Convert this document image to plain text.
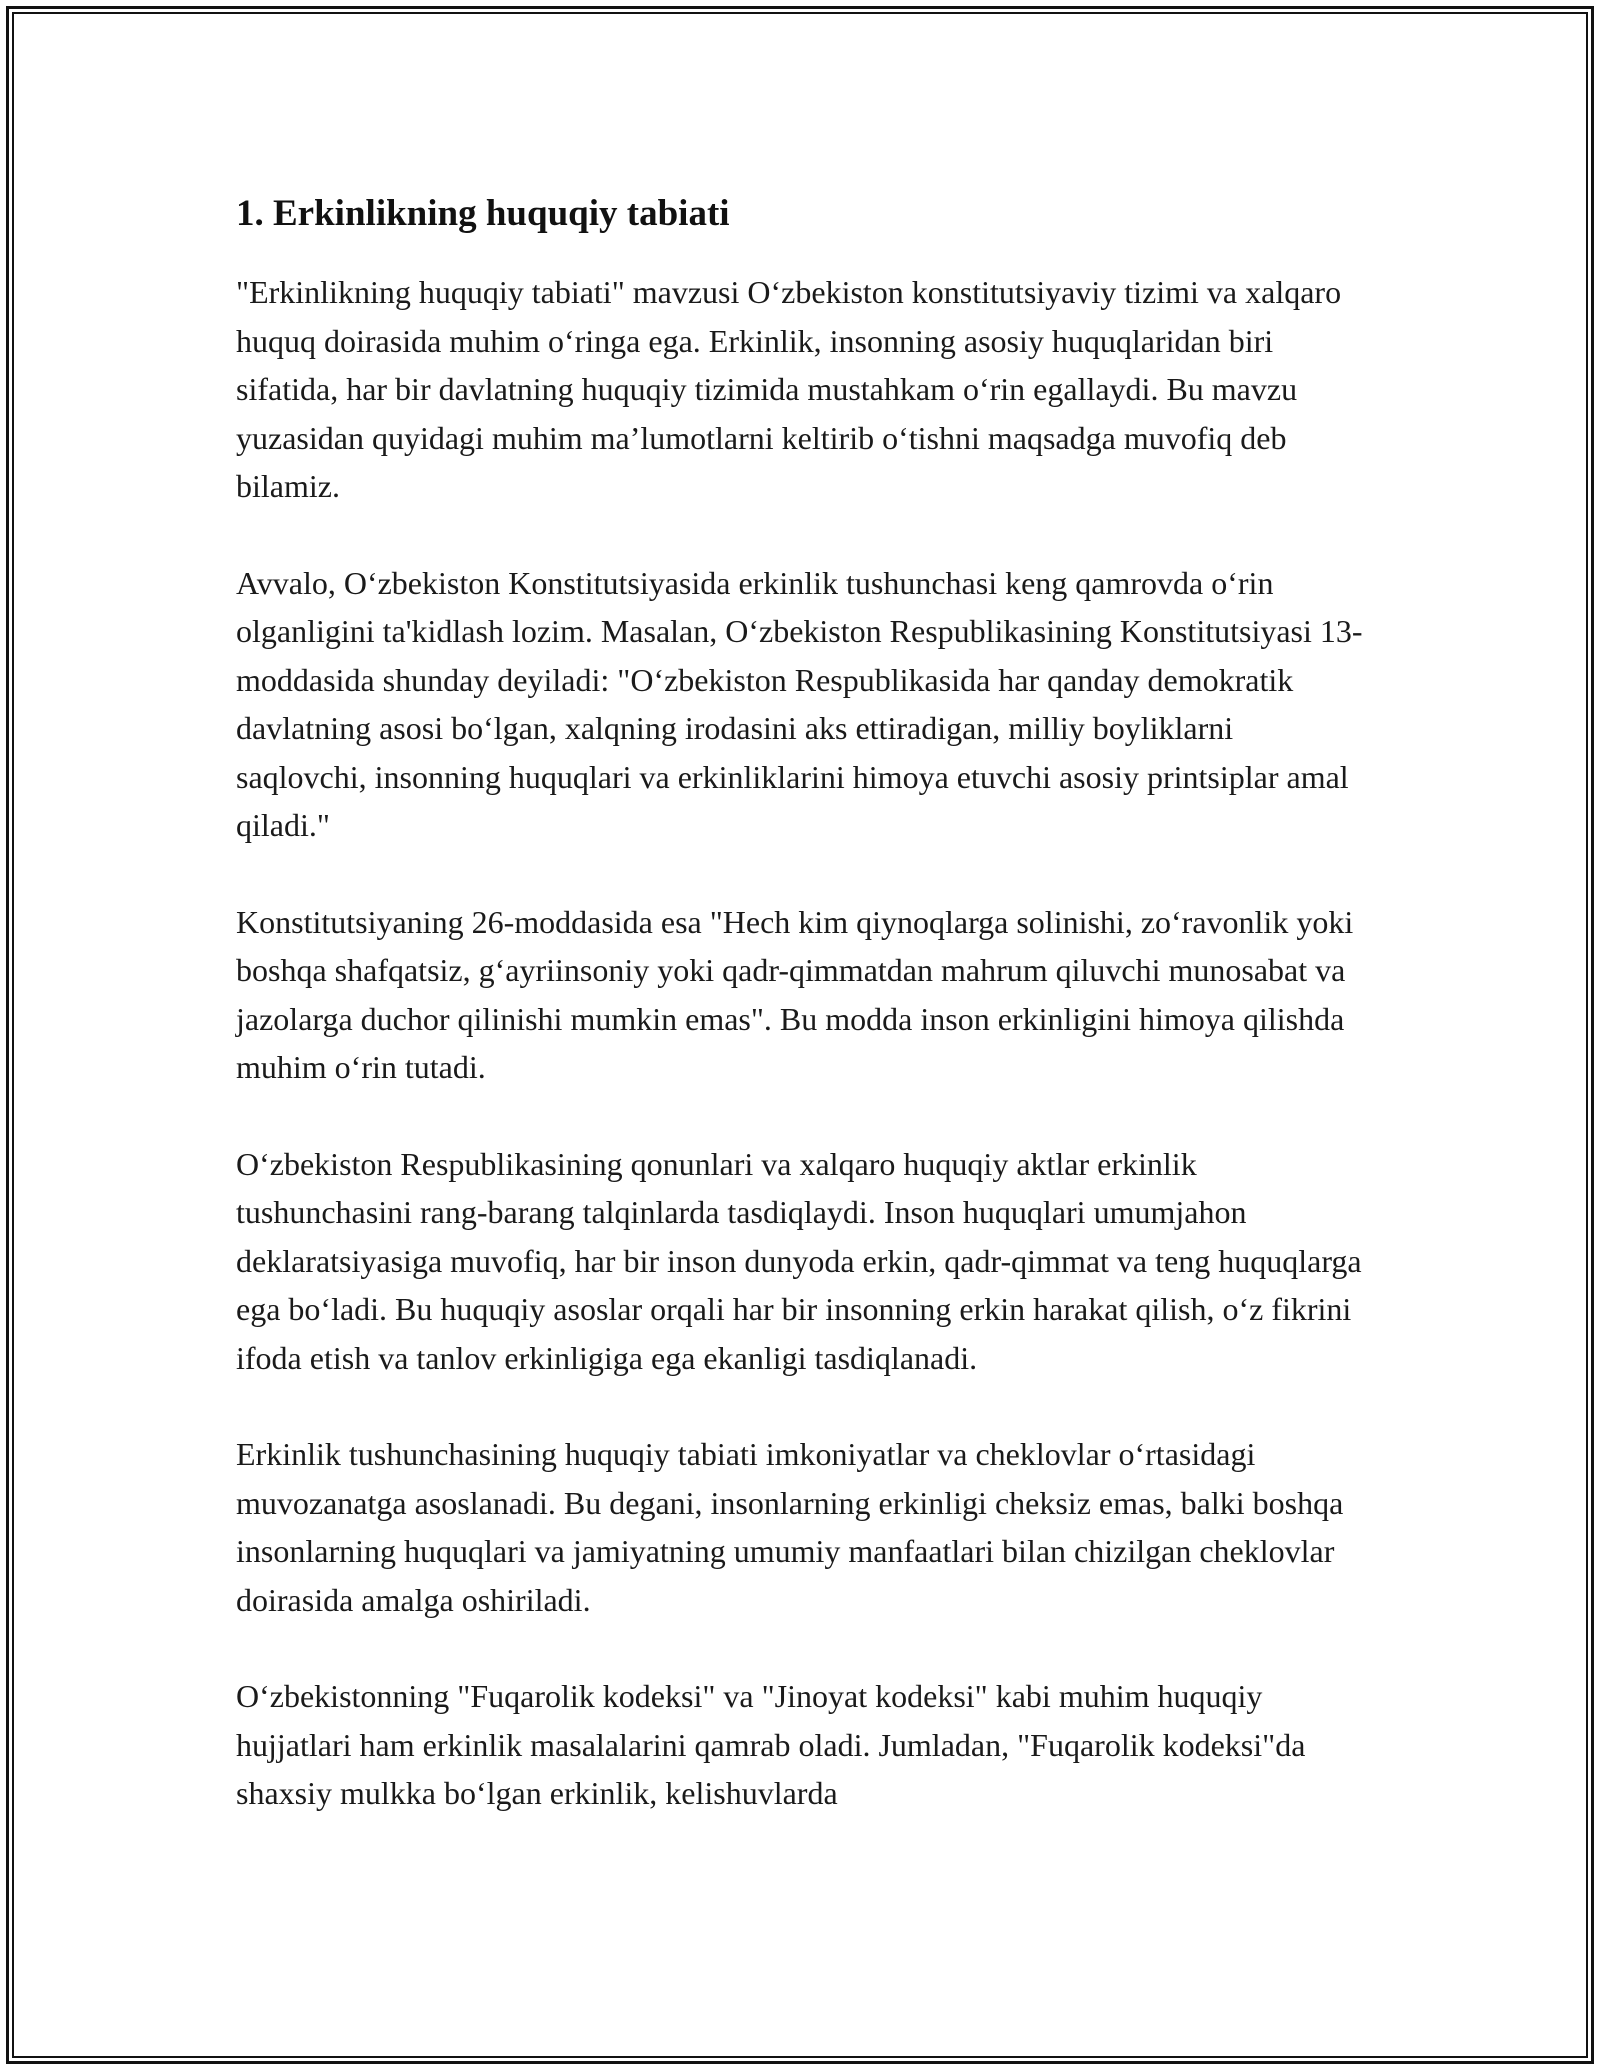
1. Erkinlikning huquqiy tabiati

"Erkinlikning huquqiy tabiati" mavzusi O‘zbekiston konstitutsiyaviy tizimi va xalqaro huquq doirasida muhim o‘ringa ega. Erkinlik, insonning asosiy huquqlaridan biri sifatida, har bir davlatning huquqiy tizimida mustahkam o‘rin egallaydi. Bu mavzu yuzasidan quyidagi muhim ma’lumotlarni keltirib o‘tishni maqsadga muvofiq deb bilamiz.

Avvalo, O‘zbekiston Konstitutsiyasida erkinlik tushunchasi keng qamrovda o‘rin olganligini ta'kidlash lozim. Masalan, O‘zbekiston Respublikasining Konstitutsiyasi 13- moddasida shunday deyiladi: "O‘zbekiston Respublikasida har qanday demokratik davlatning asosi bo‘lgan, xalqning irodasini aks ettiradigan, milliy boyliklarni saqlovchi, insonning huquqlari va erkinliklarini himoya etuvchi asosiy printsiplar amal qiladi."

Konstitutsiyaning 26-moddasida esa "Hech kim qiynoqlarga solinishi, zo‘ravonlik yoki boshqa shafqatsiz, g‘ayriinsoniy yoki qadr-qimmatdan mahrum qiluvchi munosabat va jazolarga duchor qilinishi mumkin emas". Bu modda inson erkinligini himoya qilishda muhim o‘rin tutadi.

O‘zbekiston Respublikasining qonunlari va xalqaro huquqiy aktlar erkinlik tushunchasini rang-barang talqinlarda tasdiqlaydi. Inson huquqlari umumjahon deklaratsiyasiga muvofiq, har bir inson dunyoda erkin, qadr-qimmat va teng huquqlarga ega bo‘ladi. Bu huquqiy asoslar orqali har bir insonning erkin harakat qilish, o‘z fikrini ifoda etish va tanlov erkinligiga ega ekanligi tasdiqlanadi.

Erkinlik tushunchasining huquqiy tabiati imkoniyatlar va cheklovlar o‘rtasidagi muvozanatga asoslanadi. Bu degani, insonlarning erkinligi cheksiz emas, balki boshqa insonlarning huquqlari va jamiyatning umumiy manfaatlari bilan chizilgan cheklovlar doirasida amalga oshiriladi.

O‘zbekistonning "Fuqarolik kodeksi" va "Jinoyat kodeksi" kabi muhim huquqiy hujjatlari ham erkinlik masalalarini qamrab oladi. Jumladan, "Fuqarolik kodeksi"da shaxsiy mulkka bo‘lgan erkinlik, kelishuvlarda
